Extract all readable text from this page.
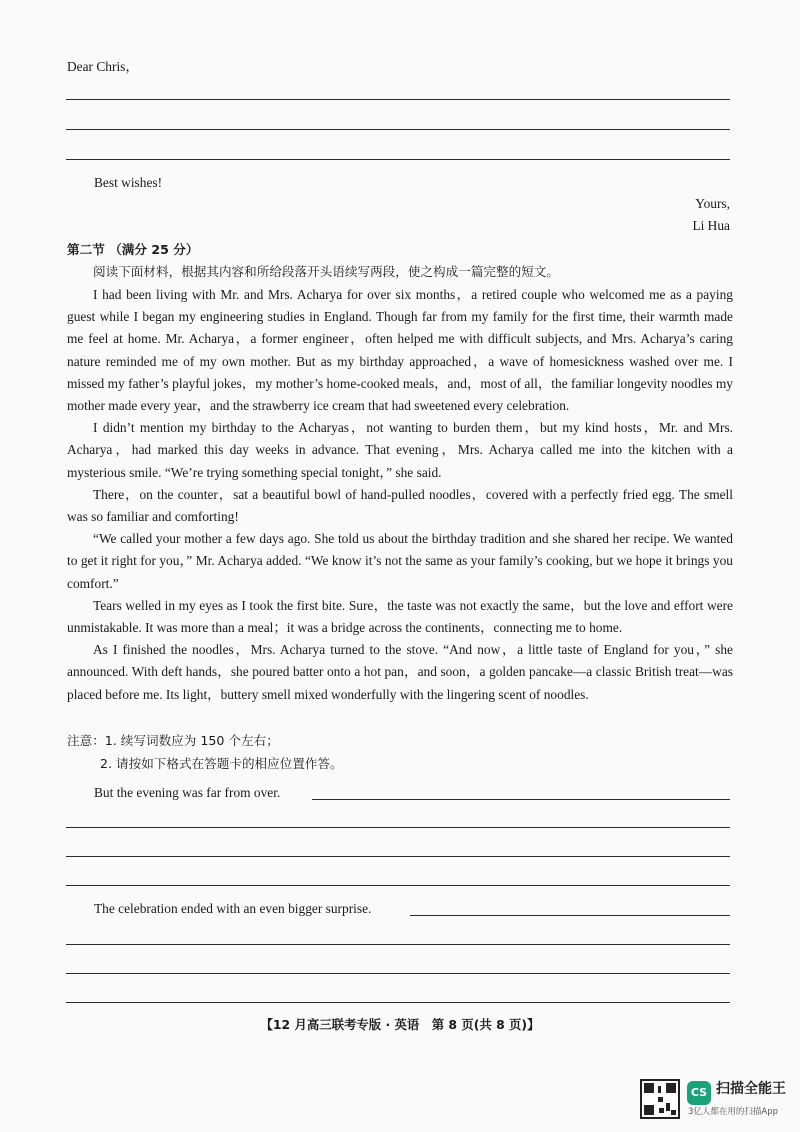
Dear Chris，
Best wishes!
Yours,
Li Hua
第二节 （满分 25 分）
阅读下面材料，根据其内容和所给段落开头语续写两段，使之构成一篇完整的短文。

I had been living with Mr. and Mrs. Acharya for over six months，a retired couple who welcomed me as a paying guest while I began my engineering studies in England. Though far from my family for the first time, their warmth made me feel at home. Mr. Acharya，a former engineer，often helped me with difficult subjects, and Mrs. Acharya’s caring nature reminded me of my own mother. But as my birthday approached，a wave of homesickness washed over me. I missed my father’s playful jokes，my mother’s home-cooked meals，and，most of all，the familiar longevity noodles my mother made every year，and the strawberry ice cream that had sweetened every celebration.

I didn’t mention my birthday to the Acharyas，not wanting to burden them，but my kind hosts，Mr. and Mrs. Acharya，had marked this day weeks in advance. That evening，Mrs. Acharya called me into the kitchen with a mysterious smile. “We’re trying something special tonight，” she said.

There，on the counter，sat a beautiful bowl of hand-pulled noodles，covered with a perfectly fried egg. The smell was so familiar and comforting!

“We called your mother a few days ago. She told us about the birthday tradition and she shared her recipe. We wanted to get it right for you，” Mr. Acharya added. “We know it’s not the same as your family’s cooking, but we hope it brings you comfort.”

Tears welled in my eyes as I took the first bite. Sure，the taste was not exactly the same，but the love and effort were unmistakable. It was more than a meal；it was a bridge across the continents，connecting me to home.

As I finished the noodles，Mrs. Acharya turned to the stove. “And now，a little taste of England for you，” she announced. With deft hands，she poured batter onto a hot pan，and soon，a golden pancake—a classic British treat—was placed before me. Its light，buttery smell mixed wonderfully with the lingering scent of noodles.

注意：1. 续写词数应为 150 个左右；
2. 请按如下格式在答题卡的相应位置作答。
But the evening was far from over.
The celebration ended with an even bigger surprise.
【12 月高三联考专版 · 英语　第 8 页(共 8 页)】
CS 扫描全能王
3亿人都在用的扫描App
